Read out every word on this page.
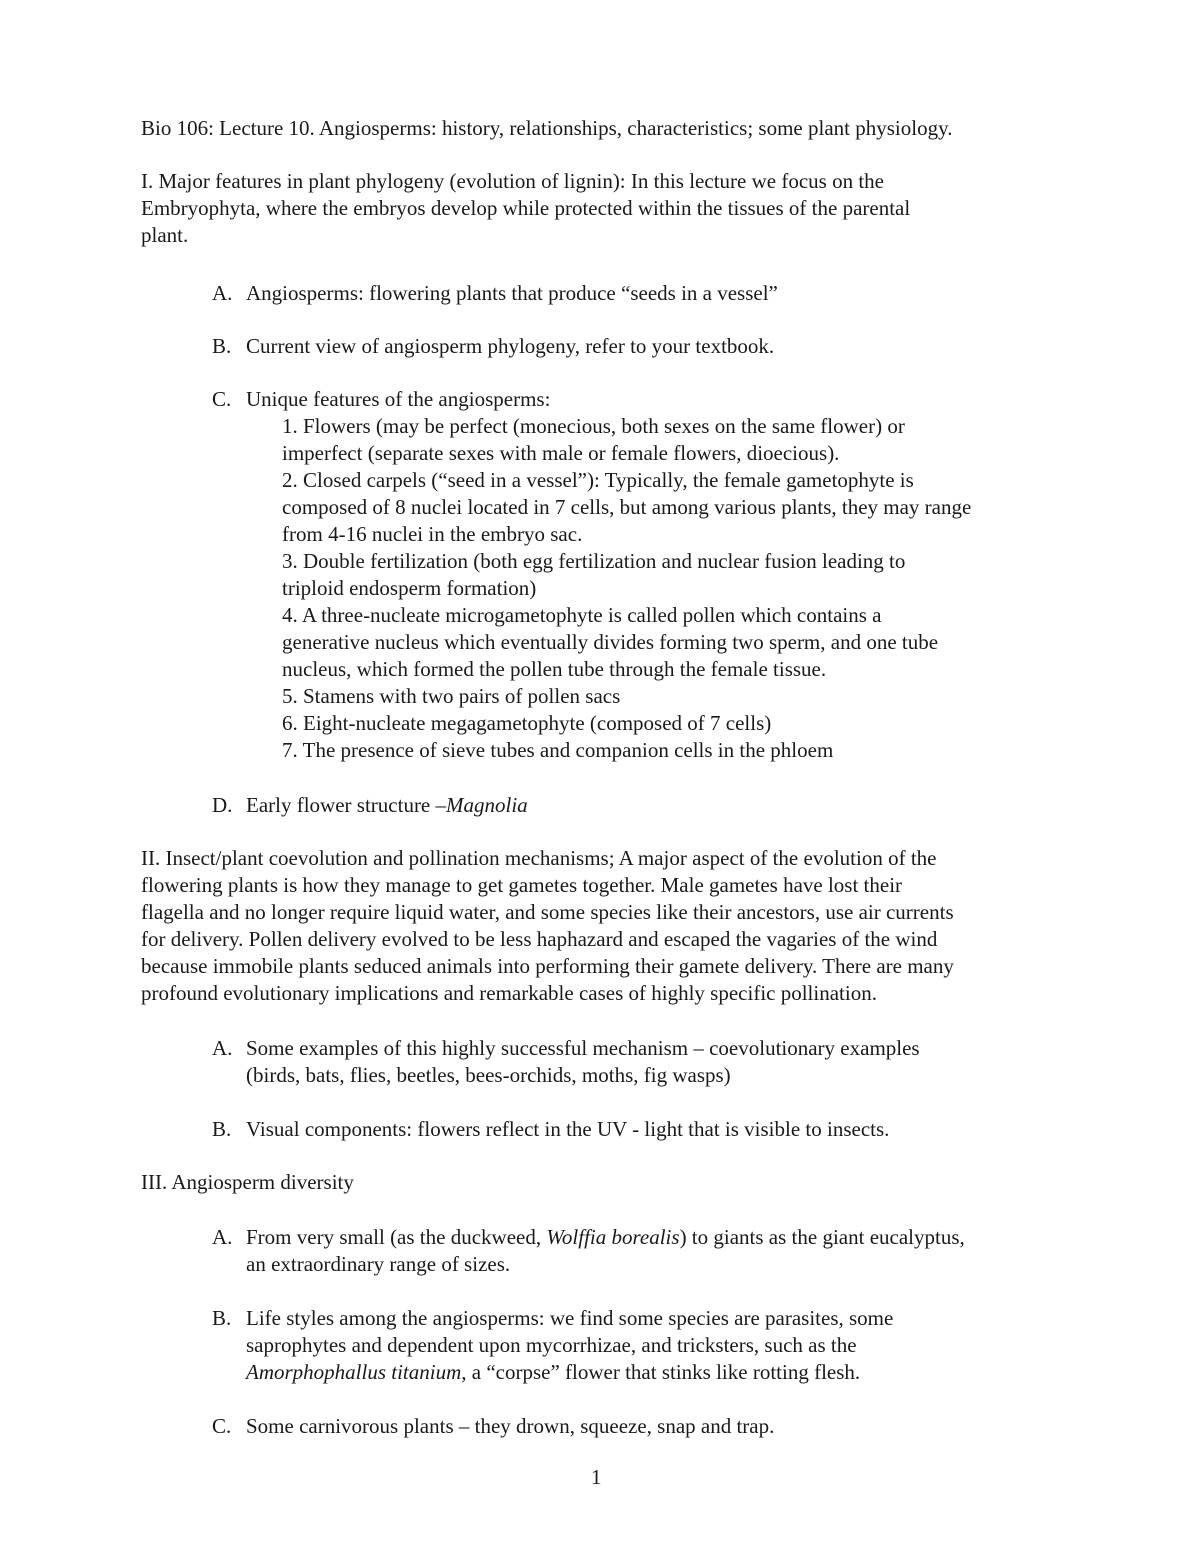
Bio 106: Lecture 10. Angiosperms: history, relationships, characteristics; some plant physiology.
I. Major features in plant phylogeny (evolution of lignin): In this lecture we focus on the
Embryophyta, where the embryos develop while protected within the tissues of the parental
plant.
A. Angiosperms: flowering plants that produce “seeds in a vessel”
B. Current view of angiosperm phylogeny, refer to your textbook.
C. Unique features of the angiosperms:
1. Flowers (may be perfect (monecious, both sexes on the same flower) or
imperfect (separate sexes with male or female flowers, dioecious).
2. Closed carpels (“seed in a vessel”): Typically, the female gametophyte is
composed of 8 nuclei located in 7 cells, but among various plants, they may range
from 4-16 nuclei in the embryo sac.
3. Double fertilization (both egg fertilization and nuclear fusion leading to
triploid endosperm formation)
4. A three-nucleate microgametophyte is called pollen which contains a
generative nucleus which eventually divides forming two sperm, and one tube
nucleus, which formed the pollen tube through the female tissue.
5. Stamens with two pairs of pollen sacs
6. Eight-nucleate megagametophyte (composed of 7 cells)
7. The presence of sieve tubes and companion cells in the phloem
D. Early flower structure –Magnolia
II. Insect/plant coevolution and pollination mechanisms; A major aspect of the evolution of the
flowering plants is how they manage to get gametes together. Male gametes have lost their
flagella and no longer require liquid water, and some species like their ancestors, use air currents
for delivery. Pollen delivery evolved to be less haphazard and escaped the vagaries of the wind
because immobile plants seduced animals into performing their gamete delivery. There are many
profound evolutionary implications and remarkable cases of highly specific pollination.
A. Some examples of this highly successful mechanism – coevolutionary examples
(birds, bats, flies, beetles, bees-orchids, moths, fig wasps)
B. Visual components: flowers reflect in the UV - light that is visible to insects.
III. Angiosperm diversity
A. From very small (as the duckweed, Wolffia borealis) to giants as the giant eucalyptus,
an extraordinary range of sizes.
B. Life styles among the angiosperms: we find some species are parasites, some
saprophytes and dependent upon mycorrhizae, and tricksters, such as the
Amorphophallus titanium, a “corpse” flower that stinks like rotting flesh.
C. Some carnivorous plants – they drown, squeeze, snap and trap.
1
